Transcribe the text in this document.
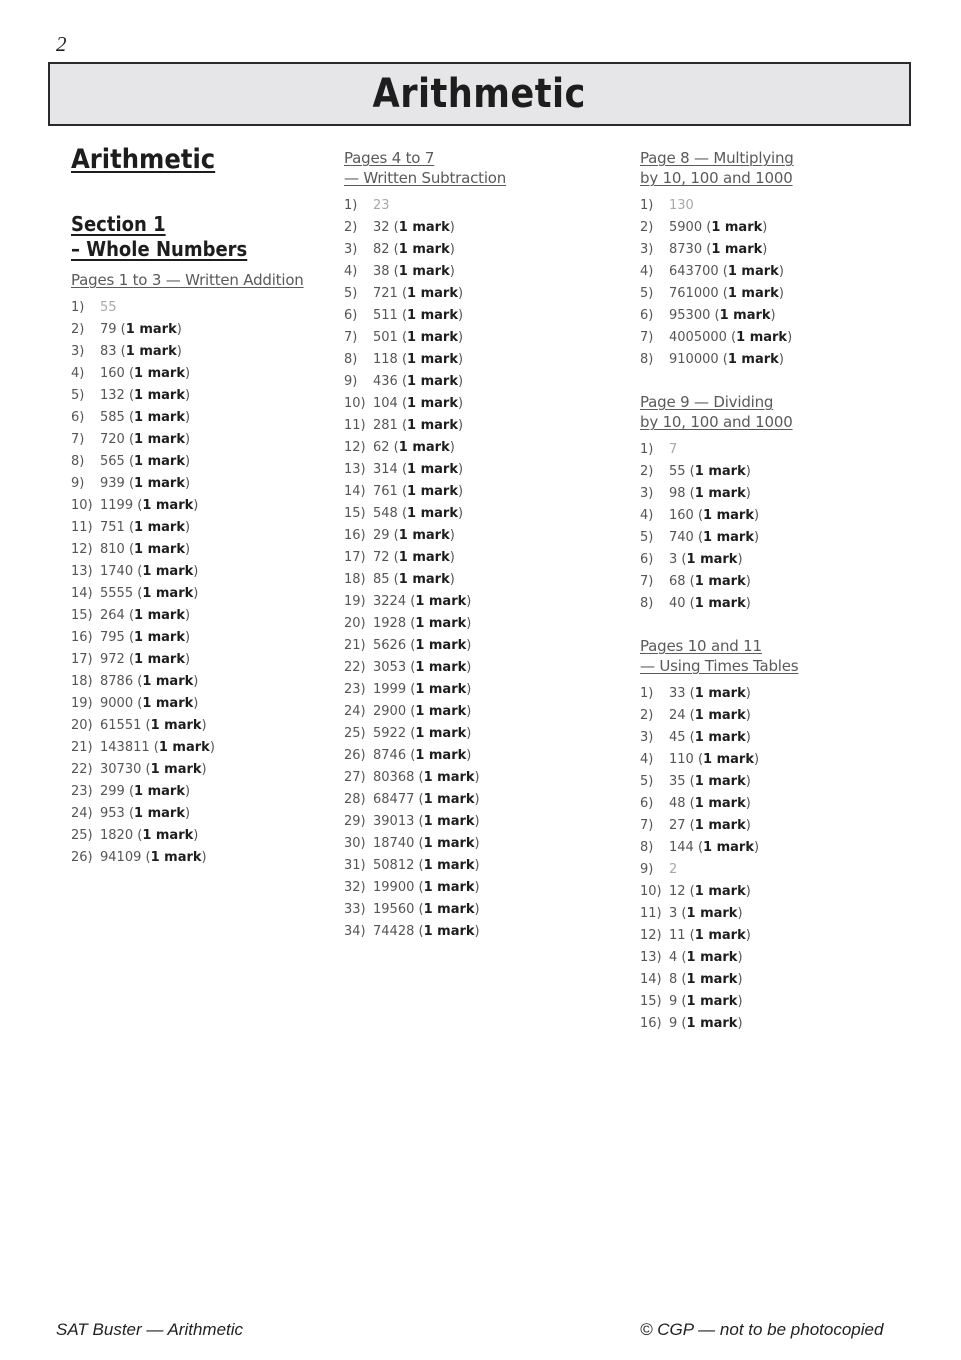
2
Arithmetic
Arithmetic
Section 1
– Whole Numbers
Pages 1 to 3 — Written Addition
1) 55
2) 79 (1 mark)
3) 83 (1 mark)
4) 160 (1 mark)
5) 132 (1 mark)
6) 585 (1 mark)
7) 720 (1 mark)
8) 565 (1 mark)
9) 939 (1 mark)
10) 1199 (1 mark)
11) 751 (1 mark)
12) 810 (1 mark)
13) 1740 (1 mark)
14) 5555 (1 mark)
15) 264 (1 mark)
16) 795 (1 mark)
17) 972 (1 mark)
18) 8786 (1 mark)
19) 9000 (1 mark)
20) 61551 (1 mark)
21) 143811 (1 mark)
22) 30730 (1 mark)
23) 299 (1 mark)
24) 953 (1 mark)
25) 1820 (1 mark)
26) 94109 (1 mark)
Pages 4 to 7
— Written Subtraction
1) 23
2) 32 (1 mark)
3) 82 (1 mark)
4) 38 (1 mark)
5) 721 (1 mark)
6) 511 (1 mark)
7) 501 (1 mark)
8) 118 (1 mark)
9) 436 (1 mark)
10) 104 (1 mark)
11) 281 (1 mark)
12) 62 (1 mark)
13) 314 (1 mark)
14) 761 (1 mark)
15) 548 (1 mark)
16) 29 (1 mark)
17) 72 (1 mark)
18) 85 (1 mark)
19) 3224 (1 mark)
20) 1928 (1 mark)
21) 5626 (1 mark)
22) 3053 (1 mark)
23) 1999 (1 mark)
24) 2900 (1 mark)
25) 5922 (1 mark)
26) 8746 (1 mark)
27) 80368 (1 mark)
28) 68477 (1 mark)
29) 39013 (1 mark)
30) 18740 (1 mark)
31) 50812 (1 mark)
32) 19900 (1 mark)
33) 19560 (1 mark)
34) 74428 (1 mark)
Page 8 — Multiplying
by 10, 100 and 1000
1) 130
2) 5900 (1 mark)
3) 8730 (1 mark)
4) 643700 (1 mark)
5) 761000 (1 mark)
6) 95300 (1 mark)
7) 4005000 (1 mark)
8) 910000 (1 mark)
Page 9 — Dividing
by 10, 100 and 1000
1) 7
2) 55 (1 mark)
3) 98 (1 mark)
4) 160 (1 mark)
5) 740 (1 mark)
6) 3 (1 mark)
7) 68 (1 mark)
8) 40 (1 mark)
Pages 10 and 11
— Using Times Tables
1) 33 (1 mark)
2) 24 (1 mark)
3) 45 (1 mark)
4) 110 (1 mark)
5) 35 (1 mark)
6) 48 (1 mark)
7) 27 (1 mark)
8) 144 (1 mark)
9) 2
10) 12 (1 mark)
11) 3 (1 mark)
12) 11 (1 mark)
13) 4 (1 mark)
14) 8 (1 mark)
15) 9 (1 mark)
16) 9 (1 mark)
SAT Buster — Arithmetic	© CGP — not to be photocopied
